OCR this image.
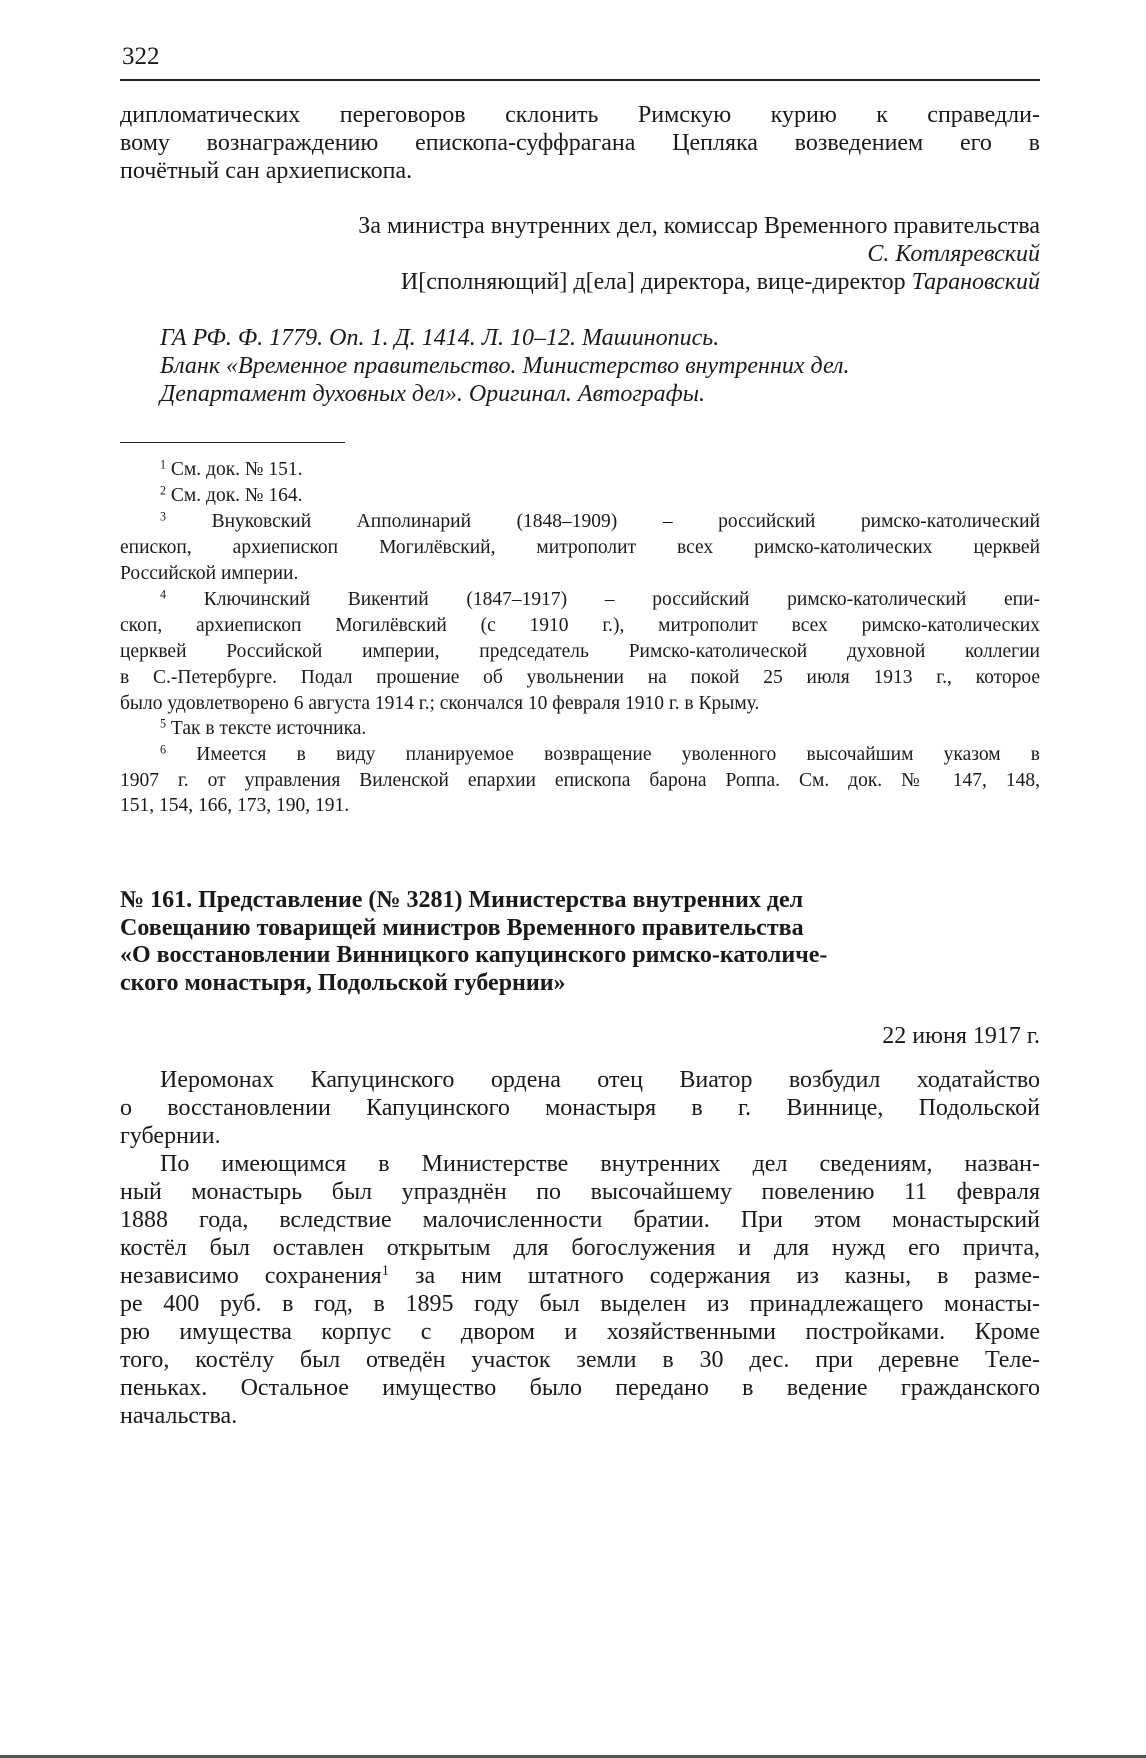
322
За министра внутренних дел, комиссар Временного правительства
С. Котляревский
И[сполняющий] д[ела] директора, вице-директор Тарановский
22 июня 1917 г.
дипломатических переговоров склонить Римскую курию к справедли-
вому вознаграждению епископа-суффрагана Цепляка возведением его в
почётный сан архиепископа.
ГА РФ. Ф. 1779. Оп. 1. Д. 1414. Л. 10–12. Машинопись.
Бланк «Временное правительство. Министерство внутренних дел.
Департамент духовных дел». Оригинал. Автографы.
$^1$ См. док. № 151.
$^2$ См. док. № 164.
$^3$ Внуковский Апполинарий (1848–1909) – российский римско-католический
епископ, архиепископ Могилёвский, митрополит всех римско-католических церквей
Российской империи.
$^4$ Ключинский Викентий (1847–1917) – российский римско-католический епи-
скоп, архиепископ Могилёвский (с 1910 г.), митрополит всех римско-католических
церквей Российской империи, председатель Римско-католической духовной коллегии
в С.-Петербурге. Подал прошение об увольнении на покой 25 июля 1913 г., которое
было удовлетворено 6 августа 1914 г.; скончался 10 февраля 1910 г. в Крыму.
$^5$ Так в тексте источника.
$^6$ Имеется в виду планируемое возвращение уволенного высочайшим указом в
1907 г. от управления Виленской епархии епископа барона Роппа. См. док. № 147, 148,
151, 154, 166, 173, 190, 191.
№ 161. Представление (№ 3281) Министерства внутренних дел
Совещанию товарищей министров Временного правительства
«О восстановлении Винницкого капуцинского римско-католиче-
ского монастыря, Подольской губернии»
Иеромонах Капуцинского ордена отец Виатор возбудил ходатайство
о восстановлении Капуцинского монастыря в г. Виннице, Подольской
губернии.
По имеющимся в Министерстве внутренних дел сведениям, назван-
ный монастырь был упразднён по высочайшему повелению 11 февраля
1888 года, вследствие малочисленности братии. При этом монастырский
костёл был оставлен открытым для богослужения и для нужд его причта,
независимо сохранения$^1$ за ним штатного содержания из казны, в разме-
ре 400 руб. в год, в 1895 году был выделен из принадлежащего монасты-
рю имущества корпус с двором и хозяйственными постройками. Кроме
того, костёлу был отведён участок земли в 30 дес. при деревне Теле-
пеньках. Остальное имущество было передано в ведение гражданского
начальства.
